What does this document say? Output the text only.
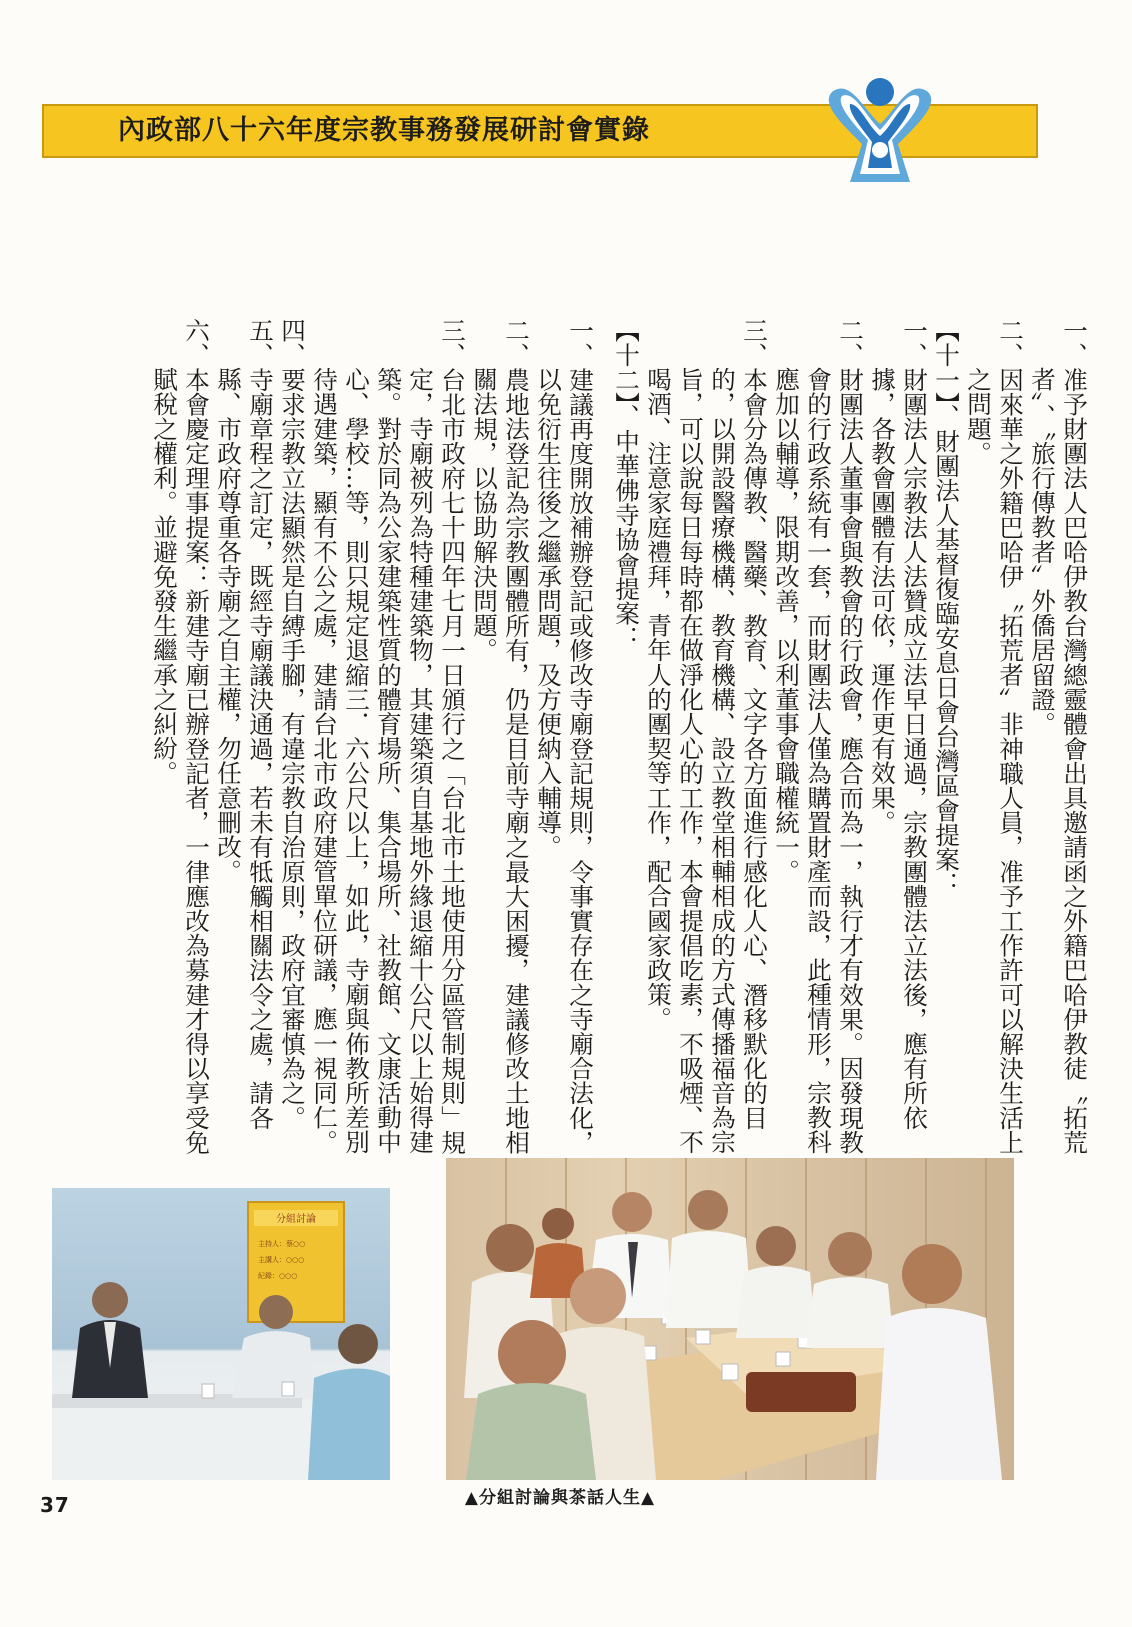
內政部八十六年度宗教事務發展研討會實錄

一、准予財團法人巴哈伊教台灣總靈體會出具邀請函之外籍巴哈伊教徒〝拓荒者〞、〝旅行傳教者〞外僑居留證。

二、因來華之外籍巴哈伊〝拓荒者〞非神職人員，准予工作許可以解決生活上之問題。

【十一】、財團法人基督復臨安息日會台灣區會提案：

一、財團法人宗教法人法贊成立法早日通過，宗教團體法立法後，應有所依據，各教會團體有法可依，運作更有效果。

二、財團法人董事會與教會的行政會，應合而為一，執行才有效果。因發現教會的行政系統有一套，而財團法人僅為購置財產而設，此種情形，宗教科應加以輔導，限期改善，以利董事會職權統一。

三、本會分為傳教、醫藥、教育、文字各方面進行感化人心、潛移默化的目的，以開設醫療機構、教育機構、設立教堂相輔相成的方式傳播福音為宗旨，可以說每日每時都在做淨化人心的工作，本會提倡吃素，不吸煙、不喝酒、注意家庭禮拜，青年人的團契等工作，配合國家政策。

【十二】、中華佛寺協會提案：

一、建議再度開放補辦登記或修改寺廟登記規則，令事實存在之寺廟合法化，以免衍生往後之繼承問題，及方便納入輔導。

二、農地法登記為宗教團體所有，仍是目前寺廟之最大困擾，建議修改土地相關法規，以協助解決問題。

三、台北市政府七十四年七月一日頒行之「台北市土地使用分區管制規則」規定，寺廟被列為特種建築物，其建築須自基地外緣退縮十公尺以上始得建築。對於同為公家建築性質的體育場所、集合場所、社教館、文康活動中心、學校…等，則只規定退縮三．六公尺以上，如此，寺廟與佈教所差別待遇建築，顯有不公之處，建請台北市政府建管單位研議，應一視同仁。

四、要求宗教立法顯然是自縛手腳，有違宗教自治原則，政府宜審慎為之。

五、寺廟章程之訂定，既經寺廟議決通過，若未有牴觸相關法令之處，請各縣、市政府尊重各寺廟之自主權，勿任意刪改。

六、本會慶定理事提案：新建寺廟已辦登記者，一律應改為募建才得以享受免賦稅之權利。並避免發生繼承之糾紛。

分組討論
主持人：蔡○○
主講人：○○○
紀錄：○○○
▲分組討論與茶話人生▲
37
